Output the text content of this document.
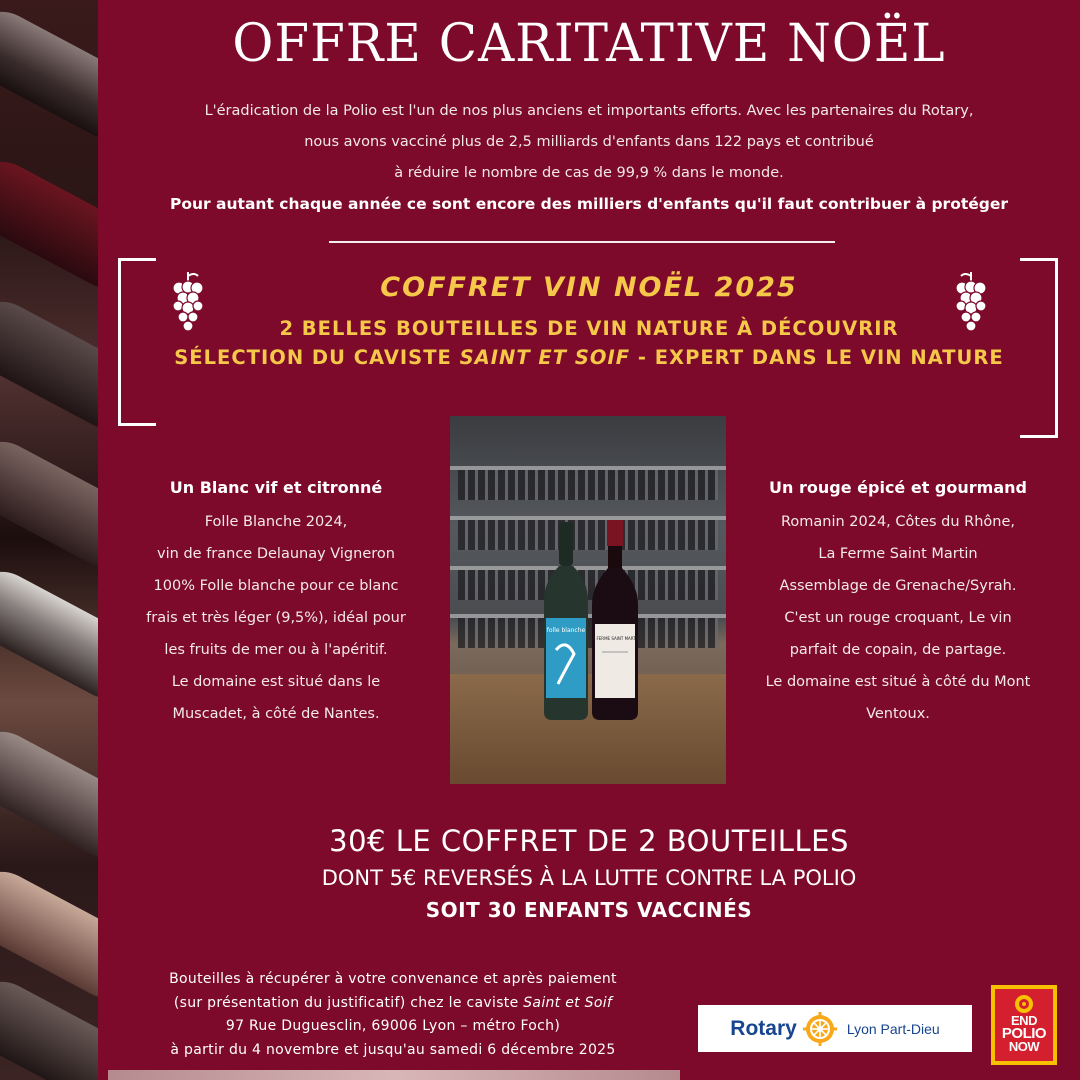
OFFRE CARITATIVE NOËL

L'éradication de la Polio est l'un de nos plus anciens et importants efforts. Avec les partenaires du Rotary,

nous avons vacciné plus de 2,5 milliards d'enfants dans 122 pays et contribué

à réduire le nombre de cas de 99,9 % dans le monde.

Pour autant chaque année ce sont encore des milliers d'enfants qu'il faut contribuer à protéger

COFFRET VIN NOËL 2025
2 BELLES BOUTEILLES DE VIN NATURE À DÉCOUVRIR
SÉLECTION DU CAVISTE SAINT ET SOIF - EXPERT DANS LE VIN NATURE
folle blanche
LA FERME SAINT MARTIN
Un Blanc vif et citronné

Folle Blanche 2024,

vin de france Delaunay Vigneron

100% Folle blanche pour ce blanc

frais et très léger (9,5%), idéal pour

les fruits de mer ou à l'apéritif.

Le domaine est situé dans le

Muscadet, à côté de Nantes.

Un rouge épicé et gourmand

Romanin 2024, Côtes du Rhône,

La Ferme Saint Martin

Assemblage de Grenache/Syrah.

C'est un rouge croquant, Le vin

parfait de copain, de partage.

Le domaine est situé à côté du Mont

Ventoux.

30€ LE COFFRET DE 2 BOUTEILLES
DONT 5€ REVERSÉS À LA LUTTE CONTRE LA POLIO
SOIT 30 ENFANTS VACCINÉS

Bouteilles à récupérer à votre convenance et après paiement

(sur présentation du justificatif) chez le caviste Saint et Soif

97 Rue Duguesclin, 69006 Lyon – métro Foch)

à partir du 4 novembre et jusqu'au samedi 6 décembre 2025

Rotary	Lyon Part-Dieu	END
POLIO
NOW
